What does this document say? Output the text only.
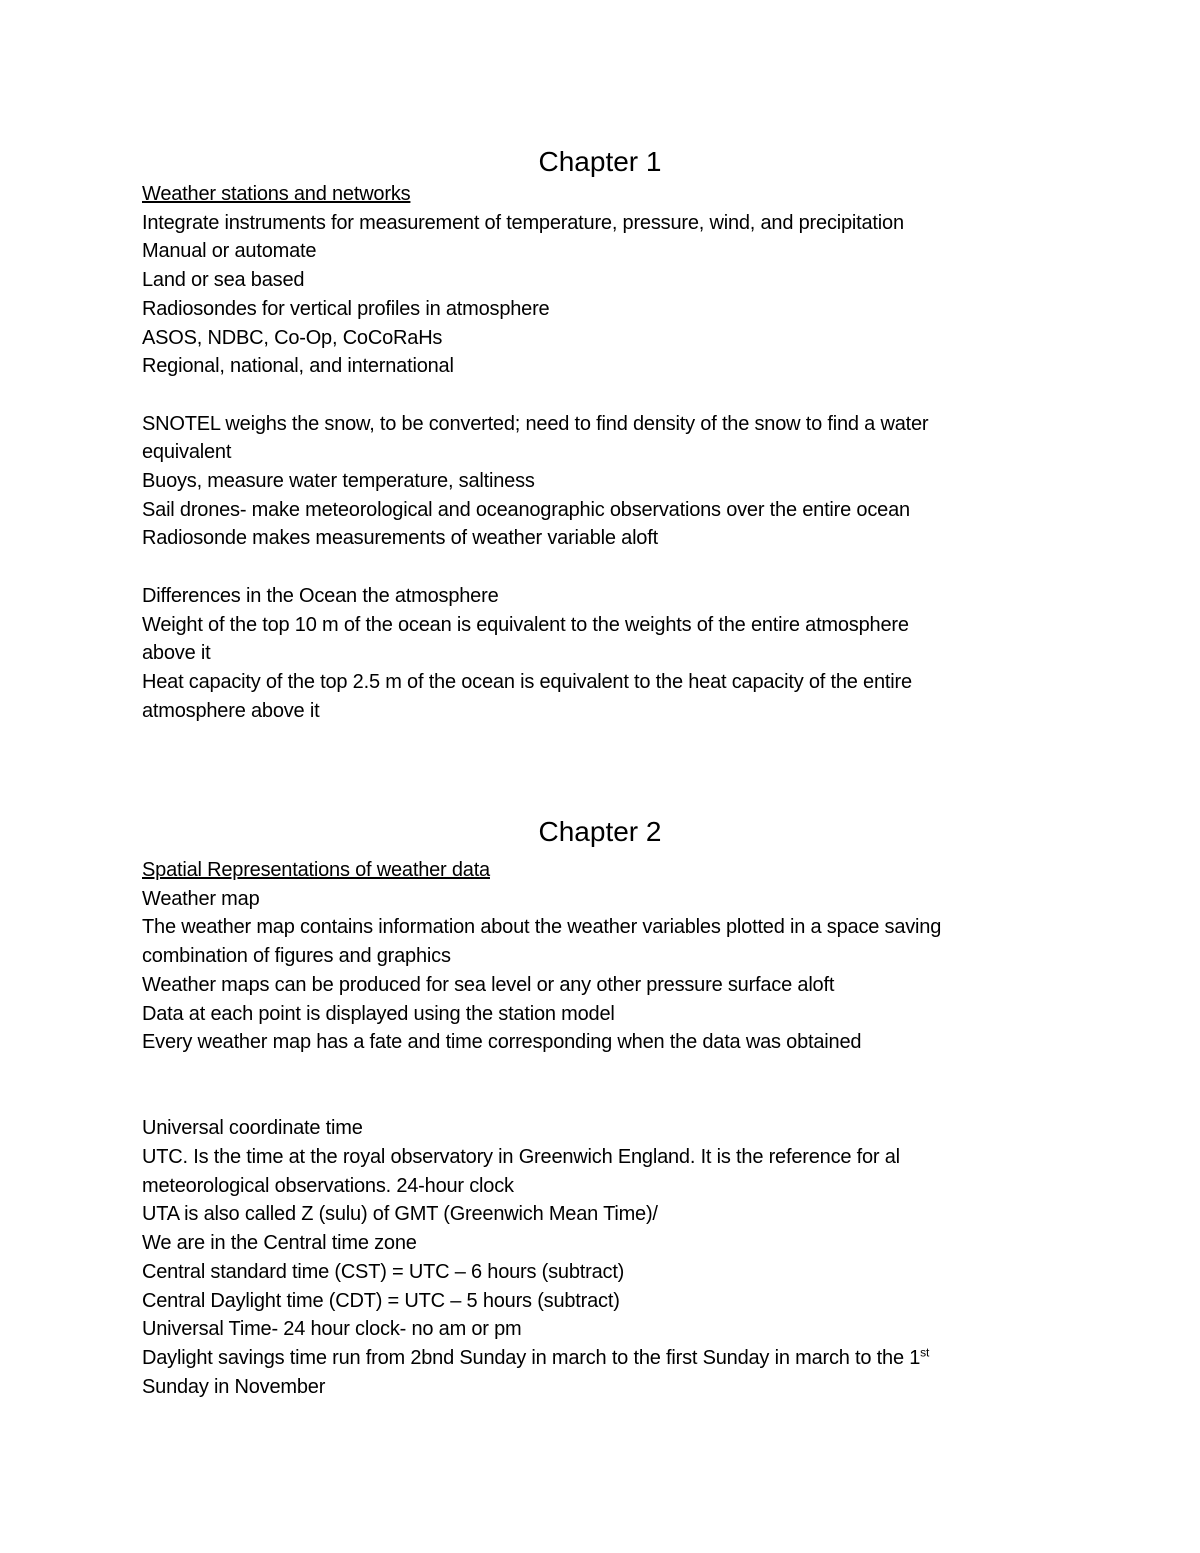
Chapter 1
Weather stations and networks
Integrate instruments for measurement of temperature, pressure, wind, and precipitation
Manual or automate
Land or sea based
Radiosondes for vertical profiles in atmosphere
ASOS, NDBC, Co-Op, CoCoRaHs
Regional, national, and international
SNOTEL weighs the snow, to be converted; need to find density of the snow to find a water
equivalent
Buoys, measure water temperature, saltiness
Sail drones- make meteorological and oceanographic observations over the entire ocean
Radiosonde makes measurements of weather variable aloft
Differences in the Ocean the atmosphere
Weight of the top 10 m of the ocean is equivalent to the weights of the entire atmosphere
above it
Heat capacity of the top 2.5 m of the ocean is equivalent to the heat capacity of the entire
atmosphere above it
Chapter 2
Spatial Representations of weather data
Weather map
The weather map contains information about the weather variables plotted in a space saving
combination of figures and graphics
Weather maps can be produced for sea level or any other pressure surface aloft
Data at each point is displayed using the station model
Every weather map has a fate and time corresponding when the data was obtained
Universal coordinate time
UTC. Is the time at the royal observatory in Greenwich England. It is the reference for al
meteorological observations. 24-hour clock
UTA is also called Z (sulu) of GMT (Greenwich Mean Time)/
We are in the Central time zone
Central standard time (CST) = UTC – 6 hours (subtract)
Central Daylight time (CDT) = UTC – 5 hours (subtract)
Universal Time- 24 hour clock- no am or pm
Daylight savings time run from 2bnd Sunday in march to the first Sunday in march to the 1st
Sunday in November
